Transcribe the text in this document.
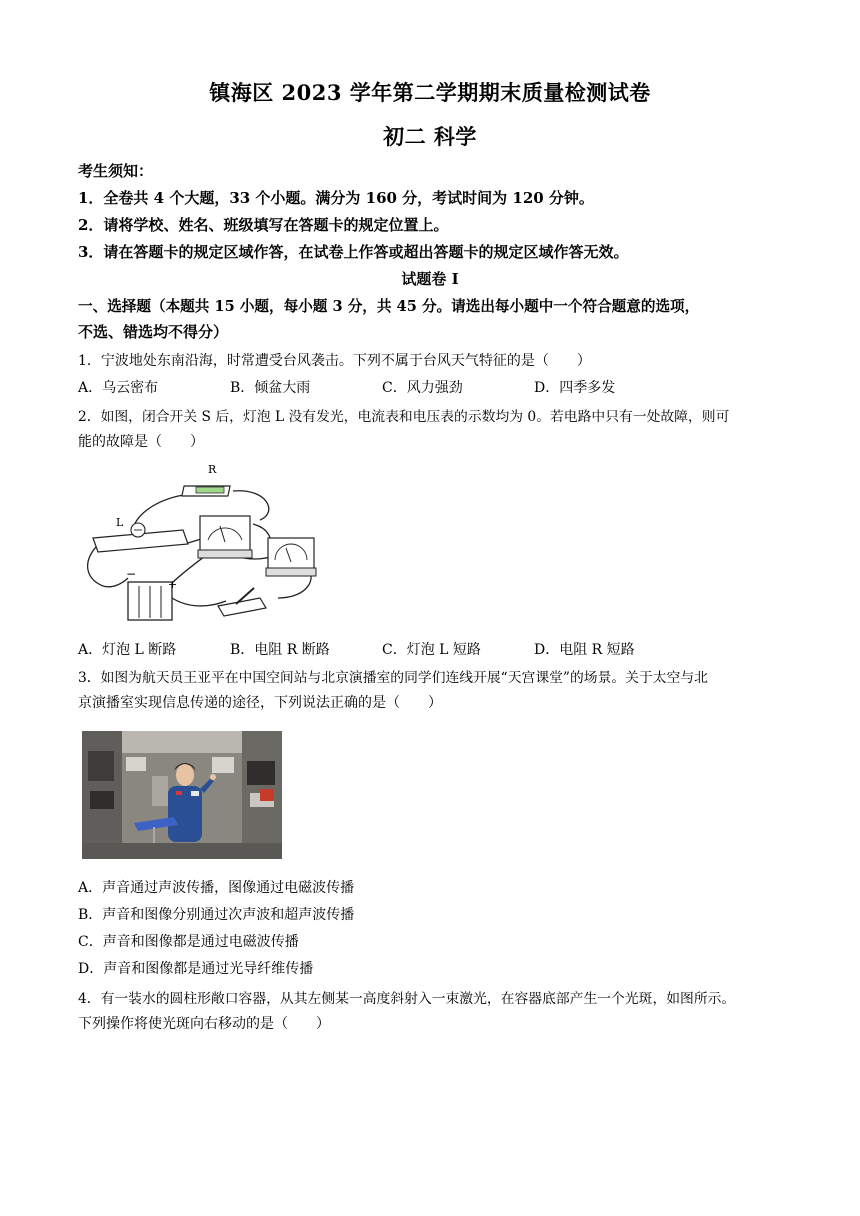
镇海区 2023 学年第二学期期末质量检测试卷
初二 科学
考生须知：
1．全卷共 4 个大题，33 个小题。满分为 160 分，考试时间为 120 分钟。
2．请将学校、姓名、班级填写在答题卡的规定位置上。
3．请在答题卡的规定区域作答，在试卷上作答或超出答题卡的规定区域作答无效。
试题卷 I
一、选择题（本题共 15 小题，每小题 3 分，共 45 分。请选出每小题中一个符合题意的选项，
不选、错选均不得分）
1．宁波地处东南沿海，时常遭受台风袭击。下列不属于台风天气特征的是（　　）
A．乌云密布	B．倾盆大雨	C．风力强劲	D．四季多发
2．如图，闭合开关 S 后，灯泡 L 没有发光，电流表和电压表的示数均为 0。若电路中只有一处故障，则可
能的故障是（　　）
R
L
−
+
A．灯泡 L 断路	B．电阻 R 断路	C．灯泡 L 短路	D．电阻 R 短路
3．如图为航天员王亚平在中国空间站与北京演播室的同学们连线开展“天宫课堂”的场景。关于太空与北
京演播室实现信息传递的途径，下列说法正确的是（　　）
A．声音通过声波传播，图像通过电磁波传播
B．声音和图像分别通过次声波和超声波传播
C．声音和图像都是通过电磁波传播
D．声音和图像都是通过光导纤维传播
4．有一装水的圆柱形敞口容器，从其左侧某一高度斜射入一束激光，在容器底部产生一个光斑，如图所示。
下列操作将使光斑向右移动的是（　　）
